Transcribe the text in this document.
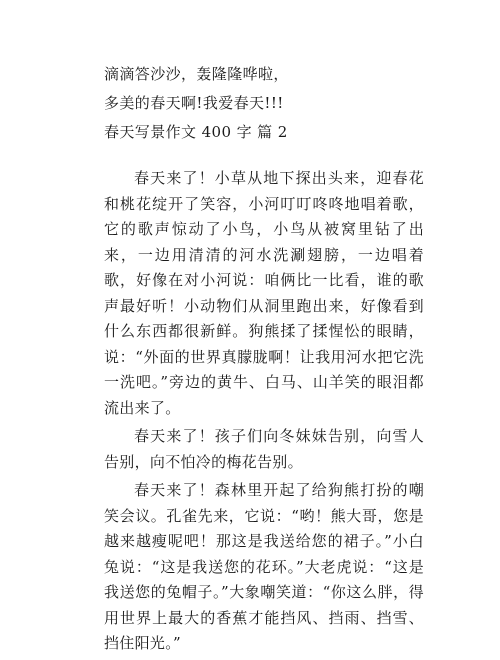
滴滴答沙沙，轰隆隆哗啦，
多美的春天啊!我爱春天!!!
春天写景作文 400 字 篇 2

春天来了！小草从地下探出头来，迎春花和桃花绽开了笑容，小河叮叮咚咚地唱着歌，它的歌声惊动了小鸟，小鸟从被窝里钻了出来，一边用清清的河水洗涮翅膀，一边唱着歌，好像在对小河说：咱俩比一比看，谁的歌声最好听！小动物们从洞里跑出来，好像看到什么东西都很新鲜。狗熊揉了揉惺忪的眼睛，说：“外面的世界真朦胧啊！让我用河水把它洗一洗吧。”旁边的黄牛、白马、山羊笑的眼泪都流出来了。

春天来了！孩子们向冬妹妹告别，向雪人告别，向不怕冷的梅花告别。

春天来了！森林里开起了给狗熊打扮的嘲笑会议。孔雀先来，它说：“哟！熊大哥，您是越来越瘦呢吧！那这是我送给您的裙子。”小白兔说：“这是我送您的花环。”大老虎说：“这是我送您的兔帽子。”大象嘲笑道：“你这么胖，得用世界上最大的香蕉才能挡风、挡雨、挡雪、挡住阳光。”
